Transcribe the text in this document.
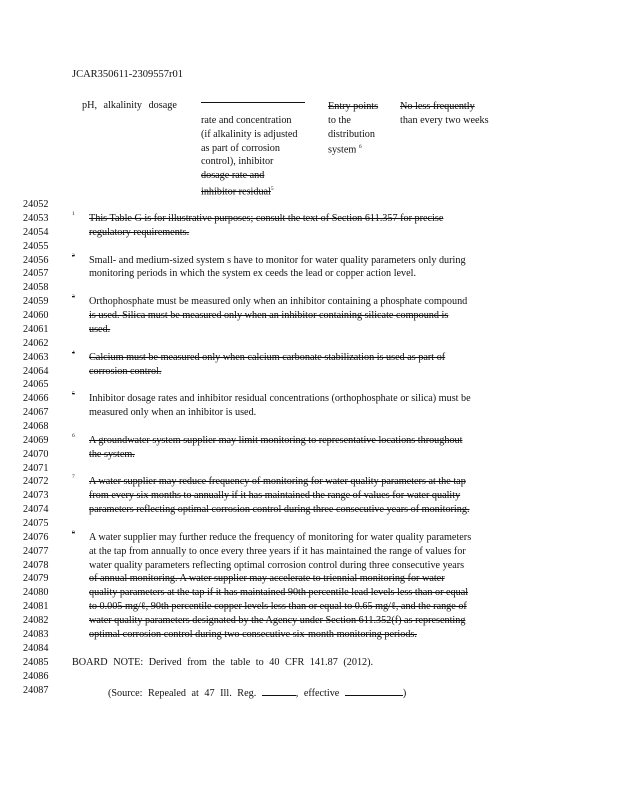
JCAR350611-2309557r01
pH, alkalinity dosage
rate and concentration
(if alkalinity is adjusted
as part of corrosion
control), inhibitor
dosage rate and
inhibitor residual$^5$
Entry points
to the
distribution
system $^6$
No less frequently
than every two weeks
24052
24053
24054
24055
24056
24057
24058
24059
24060
24061
24062
24063
24064
24065
24066
24067
24068
24069
24070
24071
24072
24073
24074
24075
24076
24077
24078
24079
24080
24081
24082
24083
24084
24085
24086
24087
1 This Table G is for illustrative purposes; consult the text of Section 611.357 for precise
regulatory requirements.
2 Small- and medium-sized system s have to monitor for water quality parameters only during
monitoring periods in which the system ex ceeds the lead or copper action level.
3 Orthophosphate must be measured only when an inhibitor containing a phosphate compound
is used. Silica must be measured only when an inhibitor containing silicate compound is
used.
4 Calcium must be measured only when calcium carbonate stabilization is used as part of
corrosion control.
5 Inhibitor dosage rates and inhibitor residual concentrations (orthophosphate or silica) must be
measured only when an inhibitor is used.
6 A groundwater system supplier may limit monitoring to representative locations throughout
the system.
7 A water supplier may reduce frequency of monitoring for water quality parameters at the tap
from every six months to annually if it has maintained the range of values for water quality
parameters reflecting optimal corrosion control during three consecutive years of monitoring.
8 A water supplier may further reduce the frequency of monitoring for water quality parameters
at the tap from annually to once every three years if it has maintained the range of values for
water quality parameters reflecting optimal corrosion control during three consecutive years
of annual monitoring. A water supplier may accelerate to triennial monitoring for water
quality parameters at the tap if it has maintained 90th percentile lead levels less than or equal
to 0.005 mg/ℓ, 90th percentile copper levels less than or equal to 0.65 mg/ℓ, and the range of
water quality parameters designated by the Agency under Section 611.352(f) as representing
optimal corrosion control during two consecutive six-month monitoring periods.
BOARD NOTE: Derived from the table to 40 CFR 141.87 (2012).
(Source: Repealed at 47 Ill. Reg.	, effective	)
